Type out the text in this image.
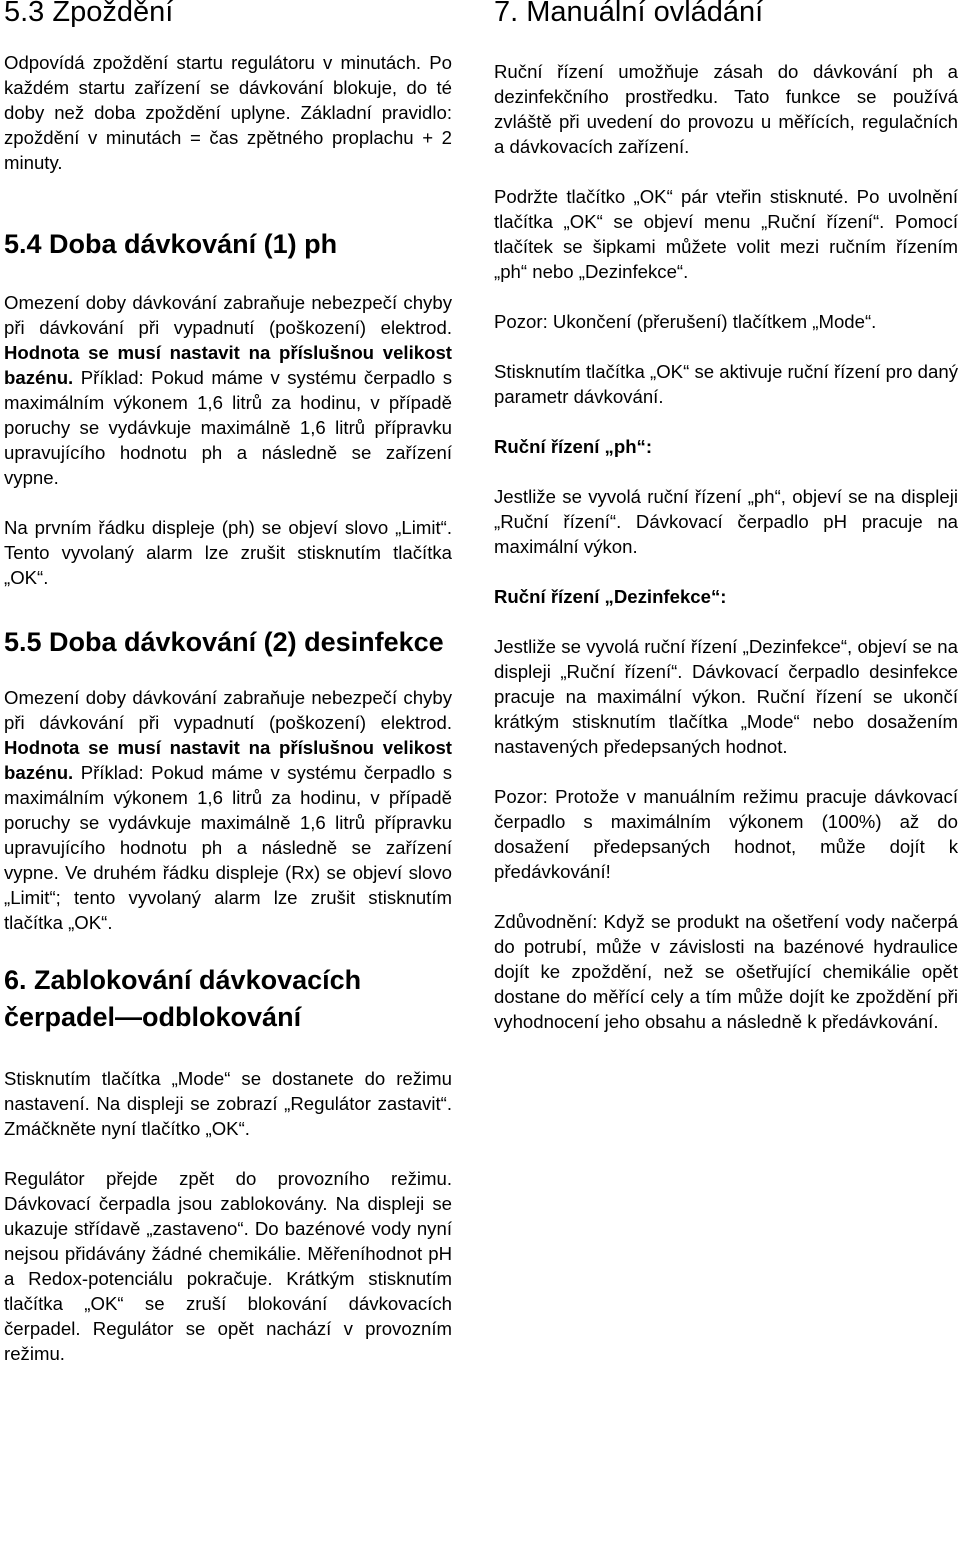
5.3 Zpoždění

Odpovídá zpoždění startu regulátoru v minutách. Po každém startu zařízení se dávkování blokuje, do té doby než doba zpoždění uplyne. Základní pravidlo: zpoždění v minutách = čas zpětného proplachu + 2 minuty.

5.4 Doba dávkování (1) ph

Omezení doby dávkování zabraňuje nebezpečí chyby při dávkování při vypadnutí (poškození) elektrod. Hodnota se musí nastavit na příslušnou velikost bazénu. Příklad: Pokud máme v systému čerpadlo s maximálním výkonem 1,6 litrů za hodinu, v případě poruchy se vydávkuje maximálně 1,6 litrů přípravku upravujícího hodnotu ph a následně se zařízení vypne.

Na prvním řádku displeje (ph) se objeví slovo „Limit“. Tento vyvolaný alarm lze zrušit stisknutím tlačítka „OK“.

5.5 Doba dávkování (2) desinfekce

Omezení doby dávkování zabraňuje nebezpečí chyby při dávkování při vypadnutí (poškození) elektrod. Hodnota se musí nastavit na příslušnou velikost bazénu. Příklad: Pokud máme v systému čerpadlo s maximálním výkonem 1,6 litrů za hodinu, v případě poruchy se vydávkuje maximálně 1,6 litrů přípravku upravujícího hodnotu ph a následně se zařízení vypne. Ve druhém řádku displeje (Rx) se objeví slovo „Limit“; tento vyvolaný alarm lze zrušit stisknutím tlačítka „OK“.

6. Zablokování dávkovacích čerpadel—odblokování

Stisknutím tlačítka „Mode“ se dostanete do režimu nastavení. Na displeji se zobrazí „Regulátor zastavit“. Zmáčkněte nyní tlačítko „OK“.

Regulátor přejde zpět do provozního režimu. Dávkovací čerpadla jsou zablokovány. Na displeji se ukazuje střídavě „zastaveno“. Do bazénové vody nyní nejsou přidávány žádné chemikálie. Měřeníhodnot pH a Redox-potenciálu pokračuje. Krátkým stisknutím tlačítka „OK“ se zruší blokování dávkovacích čerpadel. Regulátor se opět nachází v provozním režimu.

7. Manuální ovládání

Ruční řízení umožňuje zásah do dávkování ph a dezinfekčního prostředku. Tato funkce se používá zvláště při uvedení do provozu u měřících, regulačních a dávkovacích zařízení.

Podržte tlačítko „OK“ pár vteřin stisknuté. Po uvolnění tlačítka „OK“ se objeví menu „Ruční řízení“. Pomocí tlačítek se šipkami můžete volit mezi ručním řízením „ph“ nebo „Dezinfekce“.

Pozor: Ukončení (přerušení) tlačítkem „Mode“.

Stisknutím tlačítka „OK“ se aktivuje ruční řízení pro daný parametr dávkování.

Ruční řízení „ph“:

Jestliže se vyvolá ruční řízení „ph“, objeví se na displeji „Ruční řízení“. Dávkovací čerpadlo pH pracuje na maximální výkon.

Ruční řízení „Dezinfekce“:

Jestliže se vyvolá ruční řízení „Dezinfekce“, objeví se na displeji „Ruční řízení“. Dávkovací čerpadlo desinfekce pracuje na maximální výkon. Ruční řízení se ukončí krátkým stisknutím tlačítka „Mode“ nebo dosažením nastavených předepsaných hodnot.

Pozor: Protože v manuálním režimu pracuje dávkovací čerpadlo s maximálním výkonem (100%) až do dosažení předepsaných hodnot, může dojít k předávkování!

Zdůvodnění: Když se produkt na ošetření vody načerpá do potrubí, může v závislosti na bazénové hydraulice dojít ke zpoždění, než se ošetřující chemikálie opět dostane do měřící cely a tím může dojít ke zpoždění při vyhodnocení jeho obsahu a následně k předávkování.
